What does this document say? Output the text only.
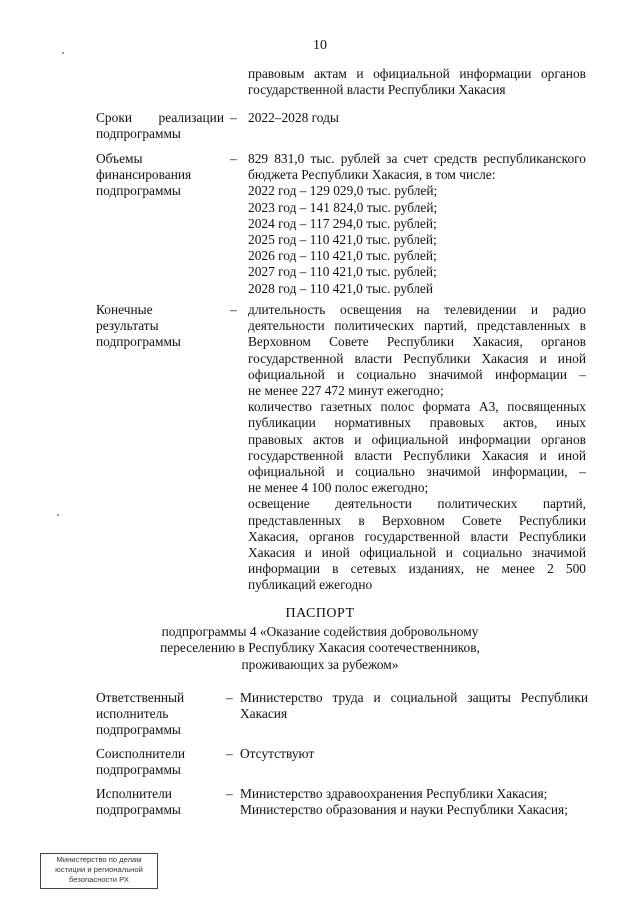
10
правовым актам и официальной информации органов
государственной власти Республики Хакасия
Сроки реализации
подпрограммы
– 2022–2028 годы
Объемы
финансирования
подпрограммы
– 829 831,0 тыс. рублей за счет средств республиканского
бюджета Республики Хакасия, в том числе:
2022 год – 129 029,0 тыс. рублей;
2023 год – 141 824,0 тыс. рублей;
2024 год – 117 294,0 тыс. рублей;
2025 год – 110 421,0 тыс. рублей;
2026 год – 110 421,0 тыс. рублей;
2027 год – 110 421,0 тыс. рублей;
2028 год – 110 421,0 тыс. рублей
Конечные
результаты
подпрограммы
– длительность освещения на телевидении и радио
деятельности политических партий, представленных в
Верховном Совете Республики Хакасия, органов
государственной власти Республики Хакасия и иной
официальной и социально значимой информации –
не менее 227 472 минут ежегодно;
количество газетных полос формата А3, посвященных
публикации нормативных правовых актов, иных
правовых актов и официальной информации органов
государственной власти Республики Хакасия и иной
официальной и социально значимой информации, –
не менее 4 100 полос ежегодно;
освещение деятельности политических партий,
представленных в Верховном Совете Республики
Хакасия, органов государственной власти Республики
Хакасия и иной официальной и социально значимой
информации в сетевых изданиях, не менее 2 500
публикаций ежегодно
ПАСПОРТ
подпрограммы 4 «Оказание содействия добровольному
переселению в Республику Хакасия соотечественников,
проживающих за рубежом»
Ответственный
исполнитель
подпрограммы
– Министерство труда и социальной защиты Республики
Хакасия
Соисполнители
подпрограммы
– Отсутствуют
Исполнители
подпрограммы
– Министерство здравоохранения Республики Хакасия;
Министерство образования и науки Республики Хакасия;
Министерство по делам
юстиции и региональной
безопасности РХ
